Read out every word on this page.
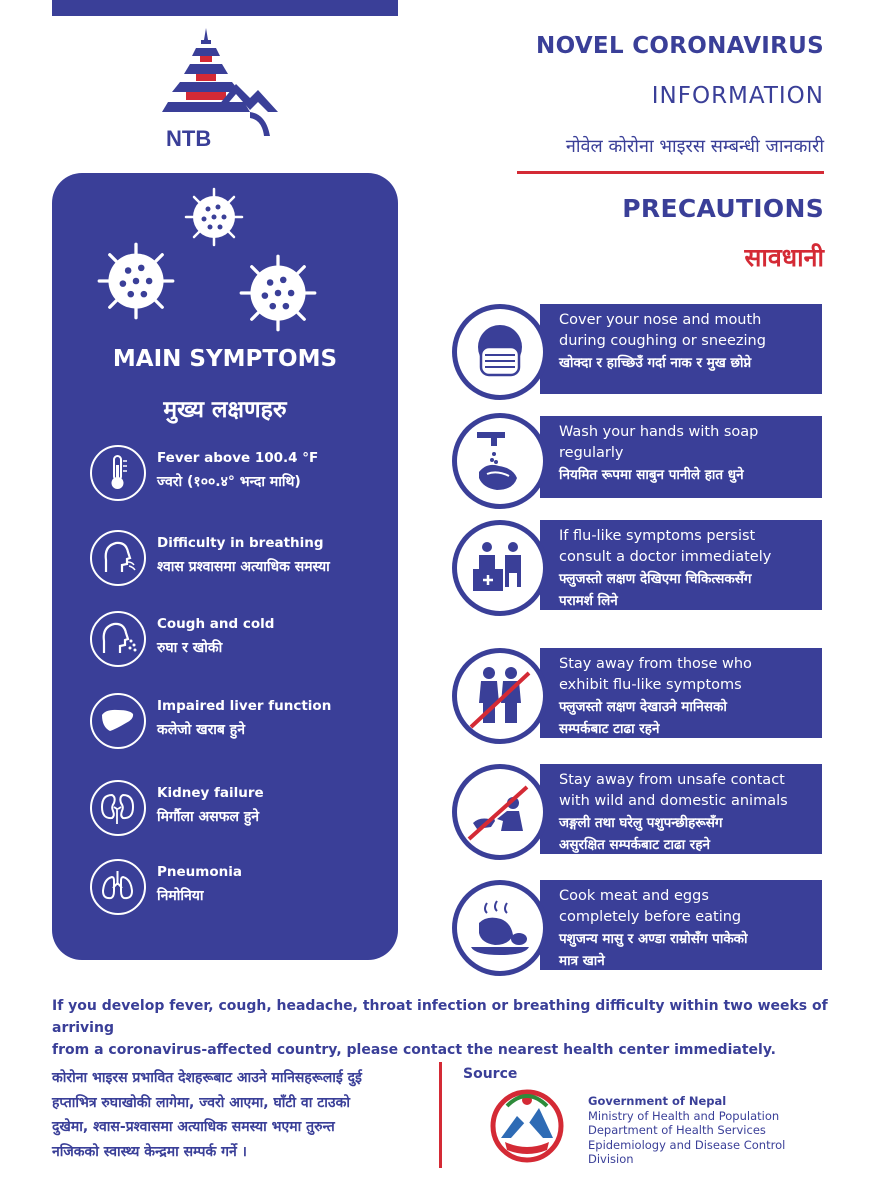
NTB
NOVEL CORONAVIRUS
INFORMATION
नोवेल कोरोना भाइरस सम्बन्धी जानकारी
PRECAUTIONS
सावधानी
MAIN SYMPTOMS
मुख्य लक्षणहरु
Fever above 100.4 °F
ज्वरो (१००.४° भन्दा माथि)
Difficulty in breathing
श्वास प्रश्वासमा अत्याधिक समस्या
Cough and cold
रुघा र खोकी
Impaired liver function
कलेजो खराब हुने
Kidney failure
मिर्गौला असफल हुने
Pneumonia
निमोनिया
Cover your nose and mouth
during coughing or sneezing
खोक्दा र हाच्छिउँ गर्दा नाक र मुख छोप्ने
Wash your hands with soap
regularly
नियमित रूपमा साबुन पानीले हात धुने
If flu-like symptoms persist
consult a doctor immediately
फ्लुजस्तो लक्षण देखिएमा चिकित्सकसँग
परामर्श लिने
Stay away from those who
exhibit flu-like symptoms
फ्लुजस्तो लक्षण देखाउने मानिसको
सम्पर्कबाट टाढा रहने
Stay away from unsafe contact
with wild and domestic animals
जङ्गली तथा घरेलु पशुपन्छीहरूसँग
असुरक्षित सम्पर्कबाट टाढा रहने
Cook meat and eggs
completely before eating
पशुजन्य मासु र अण्डा राम्रोसँग पाकेको
मात्र खाने
If you develop fever, cough, headache, throat infection or breathing difficulty within two weeks of arriving
from a coronavirus-affected country, please contact the nearest health center immediately.
कोरोना भाइरस प्रभावित देशहरूबाट आउने मानिसहरूलाई दुई
हप्ताभित्र रुघाखोकी लागेमा, ज्वरो आएमा, घाँटी वा टाउको
दुखेमा, श्वास-प्रश्वासमा अत्याधिक समस्या भएमा तुरुन्त
नजिकको स्वास्थ्य केन्द्रमा सम्पर्क गर्ने ।
Source
Government of Nepal
Ministry of Health and Population
Department of Health Services
Epidemiology and Disease Control
Division
